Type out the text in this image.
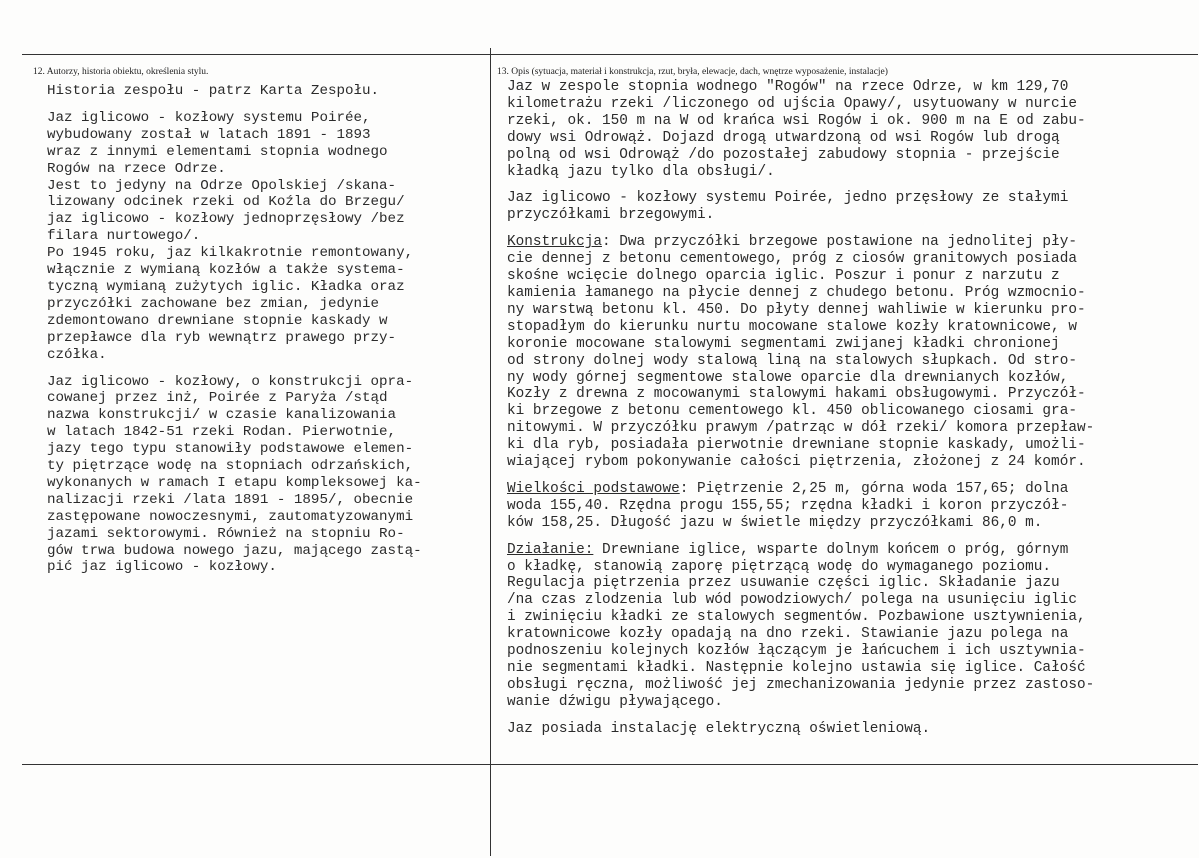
12. Autorzy, historia obiektu, określenia stylu.	13. Opis (sytuacja, materiał i konstrukcja, rzut, bryła, elewacje, dach, wnętrze wyposażenie, instalacje)

Historia zespołu - patrz Karta Zespołu.

Jaz iglicowo - kozłowy systemu Poirée,
wybudowany został w latach 1891 - 1893
wraz z innymi elementami stopnia wodnego
Rogów na rzece Odrze.
Jest to jedyny na Odrze Opolskiej /skana-
lizowany odcinek rzeki od Koźla do Brzegu/
jaz iglicowo - kozłowy jednoprzęsłowy /bez
filara nurtowego/.
Po 1945 roku, jaz kilkakrotnie remontowany,
włącznie z wymianą kozłów a także systema-
tyczną wymianą zużytych iglic. Kładka oraz
przyczółki zachowane bez zmian, jedynie
zdemontowano drewniane stopnie kaskady w
przepławce dla ryb wewnątrz prawego przy-
czółka.

Jaz iglicowo - kozłowy, o konstrukcji opra-
cowanej przez inż, Poirée z Paryża /stąd
nazwa konstrukcji/ w czasie kanalizowania
w latach 1842-51 rzeki Rodan. Pierwotnie,
jazy tego typu stanowiły podstawowe elemen-
ty piętrzące wodę na stopniach odrzańskich,
wykonanych w ramach I etapu kompleksowej ka-
nalizacji rzeki /lata 1891 - 1895/, obecnie
zastępowane nowoczesnymi, zautomatyzowanymi
jazami sektorowymi. Również na stopniu Ro-
gów trwa budowa nowego jazu, mającego zastą-
pić jaz iglicowo - kozłowy.

Jaz w zespole stopnia wodnego "Rogów" na rzece Odrze, w km 129,70
kilometrażu rzeki /liczonego od ujścia Opawy/, usytuowany w nurcie
rzeki, ok. 150 m na W od krańca wsi Rogów i ok. 900 m na E od zabu-
dowy wsi Odrowąż. Dojazd drogą utwardzoną od wsi Rogów lub drogą
polną od wsi Odrowąż /do pozostałej zabudowy stopnia - przejście
kładką jazu tylko dla obsługi/.

Jaz iglicowo - kozłowy systemu Poirée, jedno przęsłowy ze stałymi
przyczółkami brzegowymi.

Konstrukcja: Dwa przyczółki brzegowe postawione na jednolitej pły-
cie dennej z betonu cementowego, próg z ciosów granitowych posiada
skośne wcięcie dolnego oparcia iglic. Poszur i ponur z narzutu z
kamienia łamanego na płycie dennej z chudego betonu. Próg wzmocnio-
ny warstwą betonu kl. 450. Do płyty dennej wahliwie w kierunku pro-
stopadłym do kierunku nurtu mocowane stalowe kozły kratownicowe, w
koronie mocowane stalowymi segmentami zwijanej kładki chronionej
od strony dolnej wody stalową liną na stalowych słupkach. Od stro-
ny wody górnej segmentowe stalowe oparcie dla drewnianych kozłów,
Kozły z drewna z mocowanymi stalowymi hakami obsługowymi. Przyczół-
ki brzegowe z betonu cementowego kl. 450 oblicowanego ciosami gra-
nitowymi. W przyczółku prawym /patrząc w dół rzeki/ komora przepław-
ki dla ryb, posiadała pierwotnie drewniane stopnie kaskady, umożli-
wiającej rybom pokonywanie całości piętrzenia, złożonej z 24 komór.

Wielkości podstawowe: Piętrzenie 2,25 m, górna woda 157,65; dolna
woda 155,40. Rzędna progu 155,55; rzędna kładki i koron przyczół-
ków 158,25. Długość jazu w świetle między przyczółkami 86,0 m.

Działanie: Drewniane iglice, wsparte dolnym końcem o próg, górnym
o kładkę, stanowią zaporę piętrzącą wodę do wymaganego poziomu.
Regulacja piętrzenia przez usuwanie części iglic. Składanie jazu
/na czas zlodzenia lub wód powodziowych/ polega na usunięciu iglic
i zwinięciu kładki ze stalowych segmentów. Pozbawione usztywnienia,
kratownicowe kozły opadają na dno rzeki. Stawianie jazu polega na
podnoszeniu kolejnych kozłów łączącym je łańcuchem i ich usztywnia-
nie segmentami kładki. Następnie kolejno ustawia się iglice. Całość
obsługi ręczna, możliwość jej zmechanizowania jedynie przez zastoso-
wanie dźwigu pływającego.

Jaz posiada instalację elektryczną oświetleniową.
